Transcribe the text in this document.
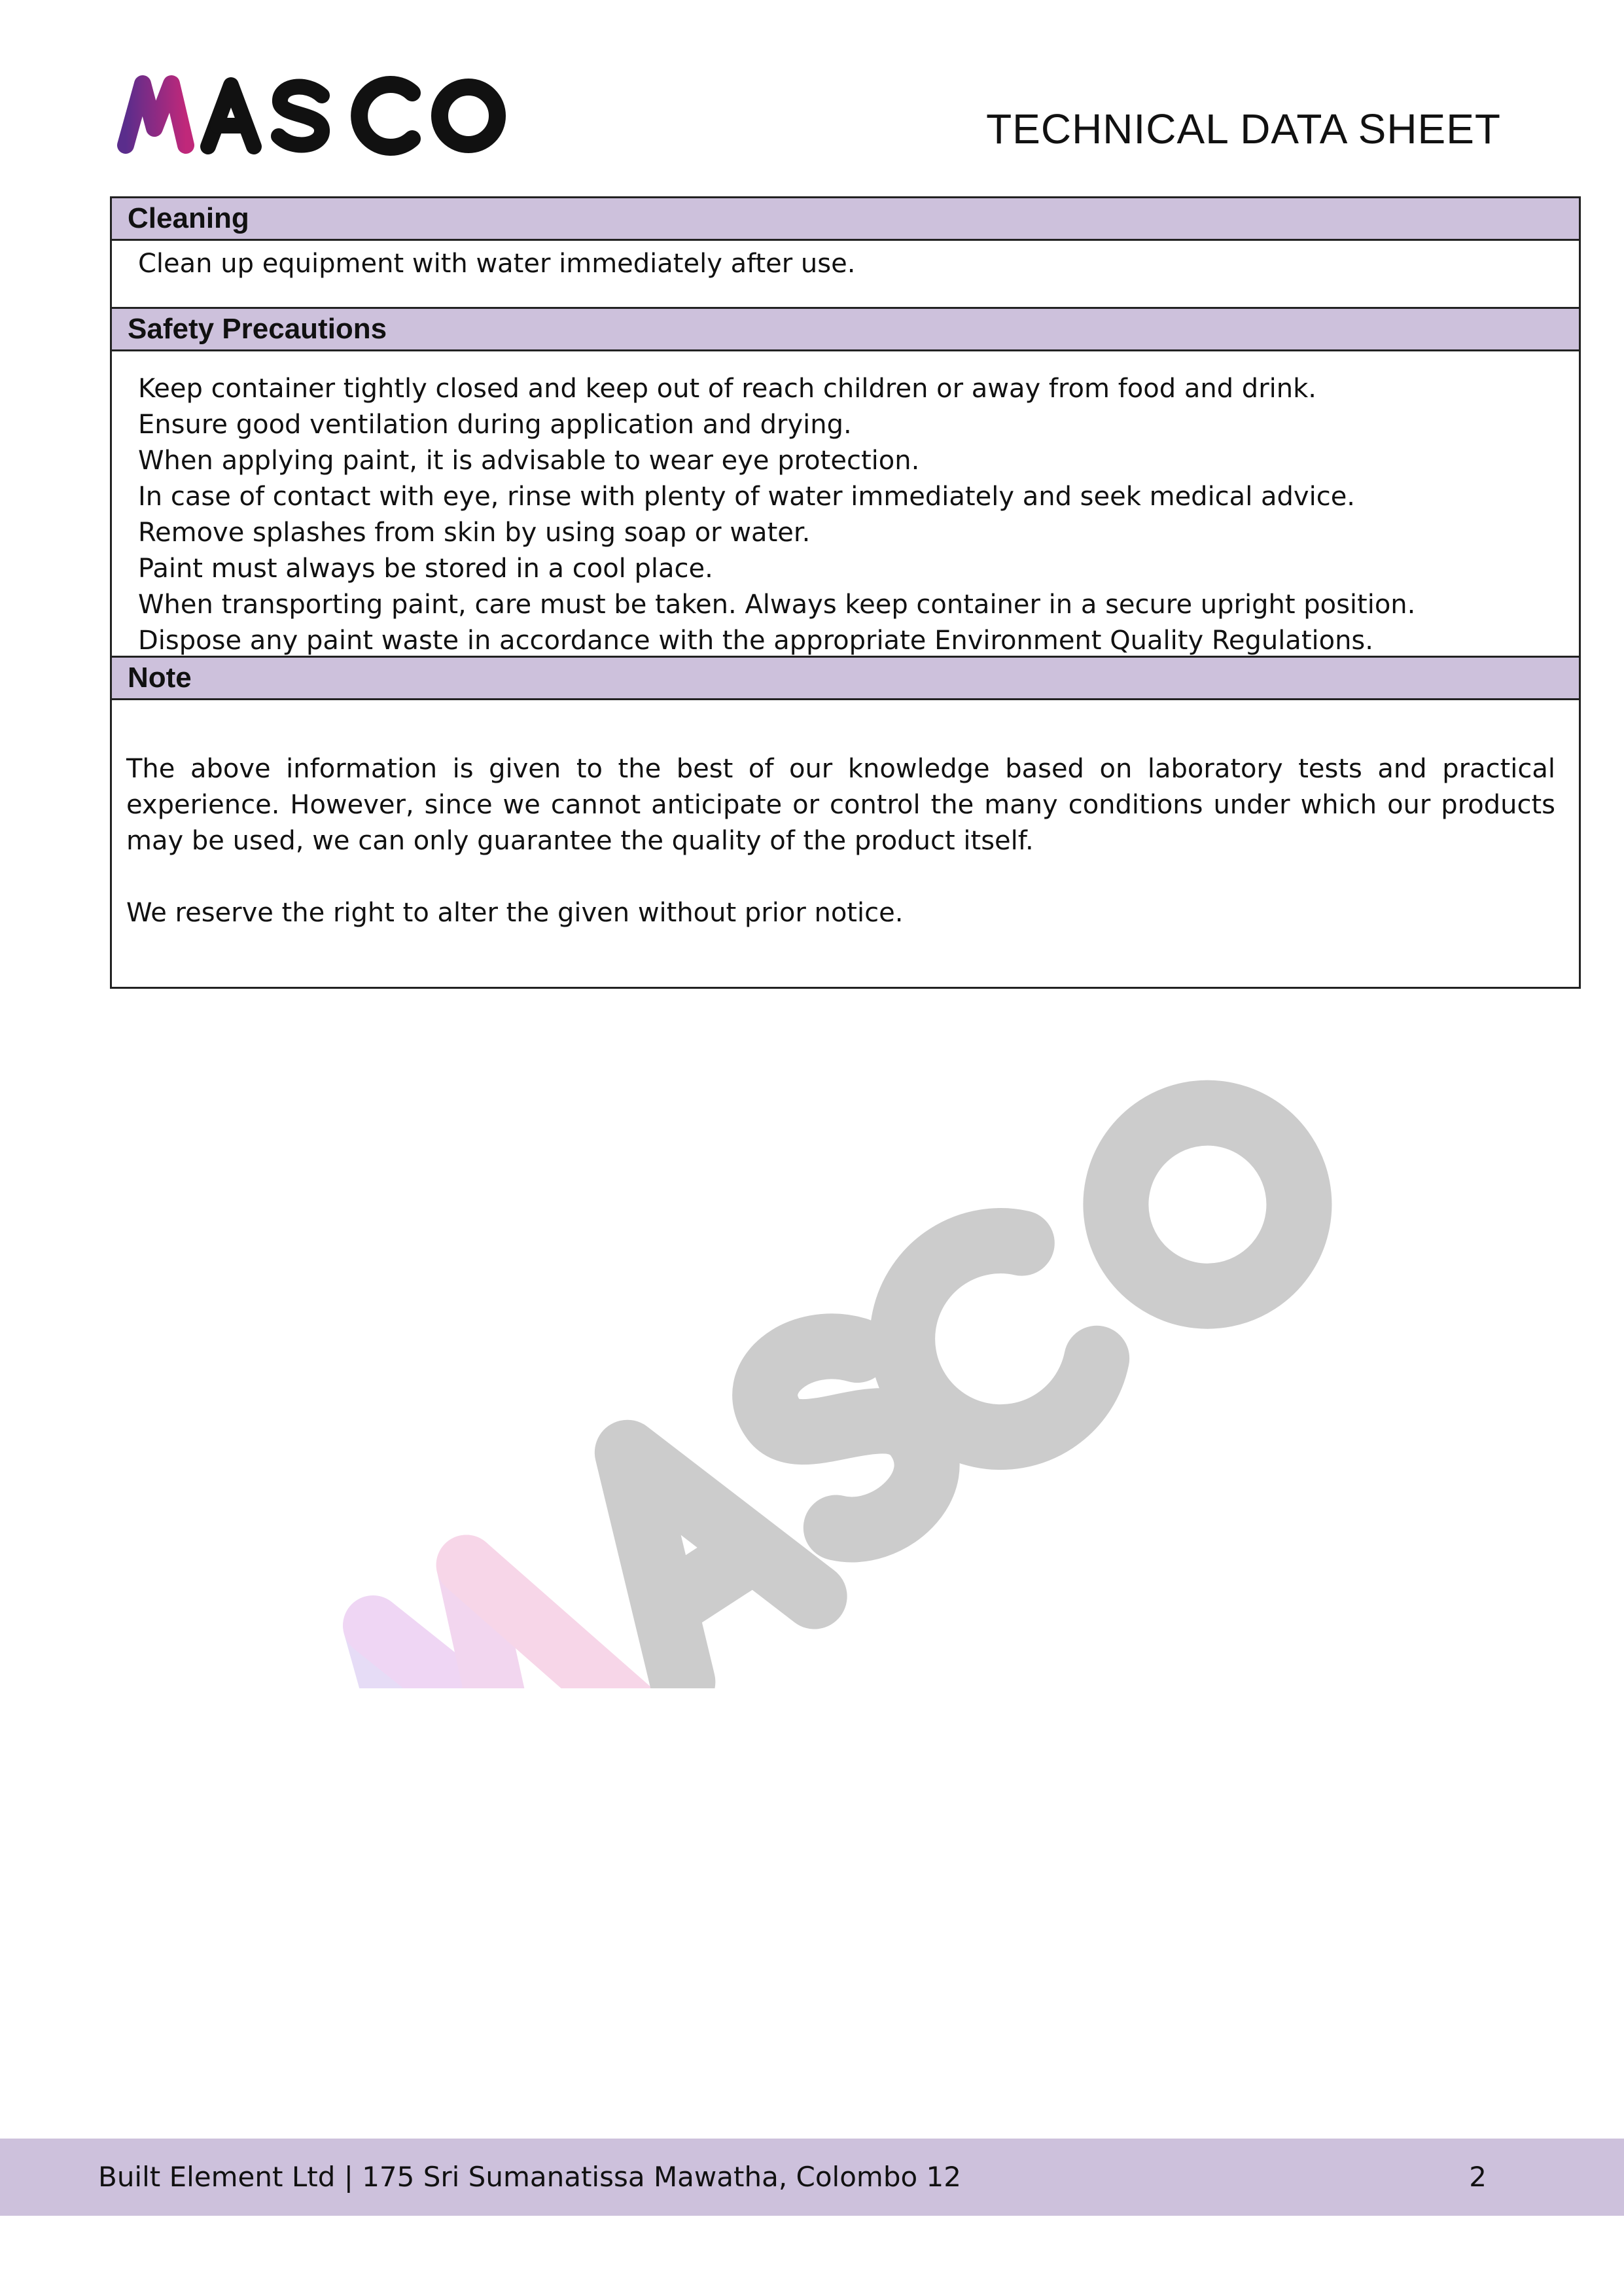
TECHNICAL DATA SHEET
Cleaning
Clean up equipment with water immediately after use.
Safety Precautions
Keep container tightly closed and keep out of reach children or away from food and drink.
Ensure good ventilation during application and drying.
When applying paint, it is advisable to wear eye protection.
In case of contact with eye, rinse with plenty of water immediately and seek medical advice.
Remove splashes from skin by using soap or water.
Paint must always be stored in a cool place.
When transporting paint, care must be taken. Always keep container in a secure upright position.
Dispose any paint waste in accordance with the appropriate Environment Quality Regulations.
Note
The above information is given to the best of our knowledge based on laboratory tests and practical experience. However, since we cannot anticipate or control the many conditions under which our products may be used, we can only guarantee the quality of the product itself.
We reserve the right to alter the given without prior notice.
Built Element Ltd | 175 Sri Sumanatissa Mawatha, Colombo 12	2
